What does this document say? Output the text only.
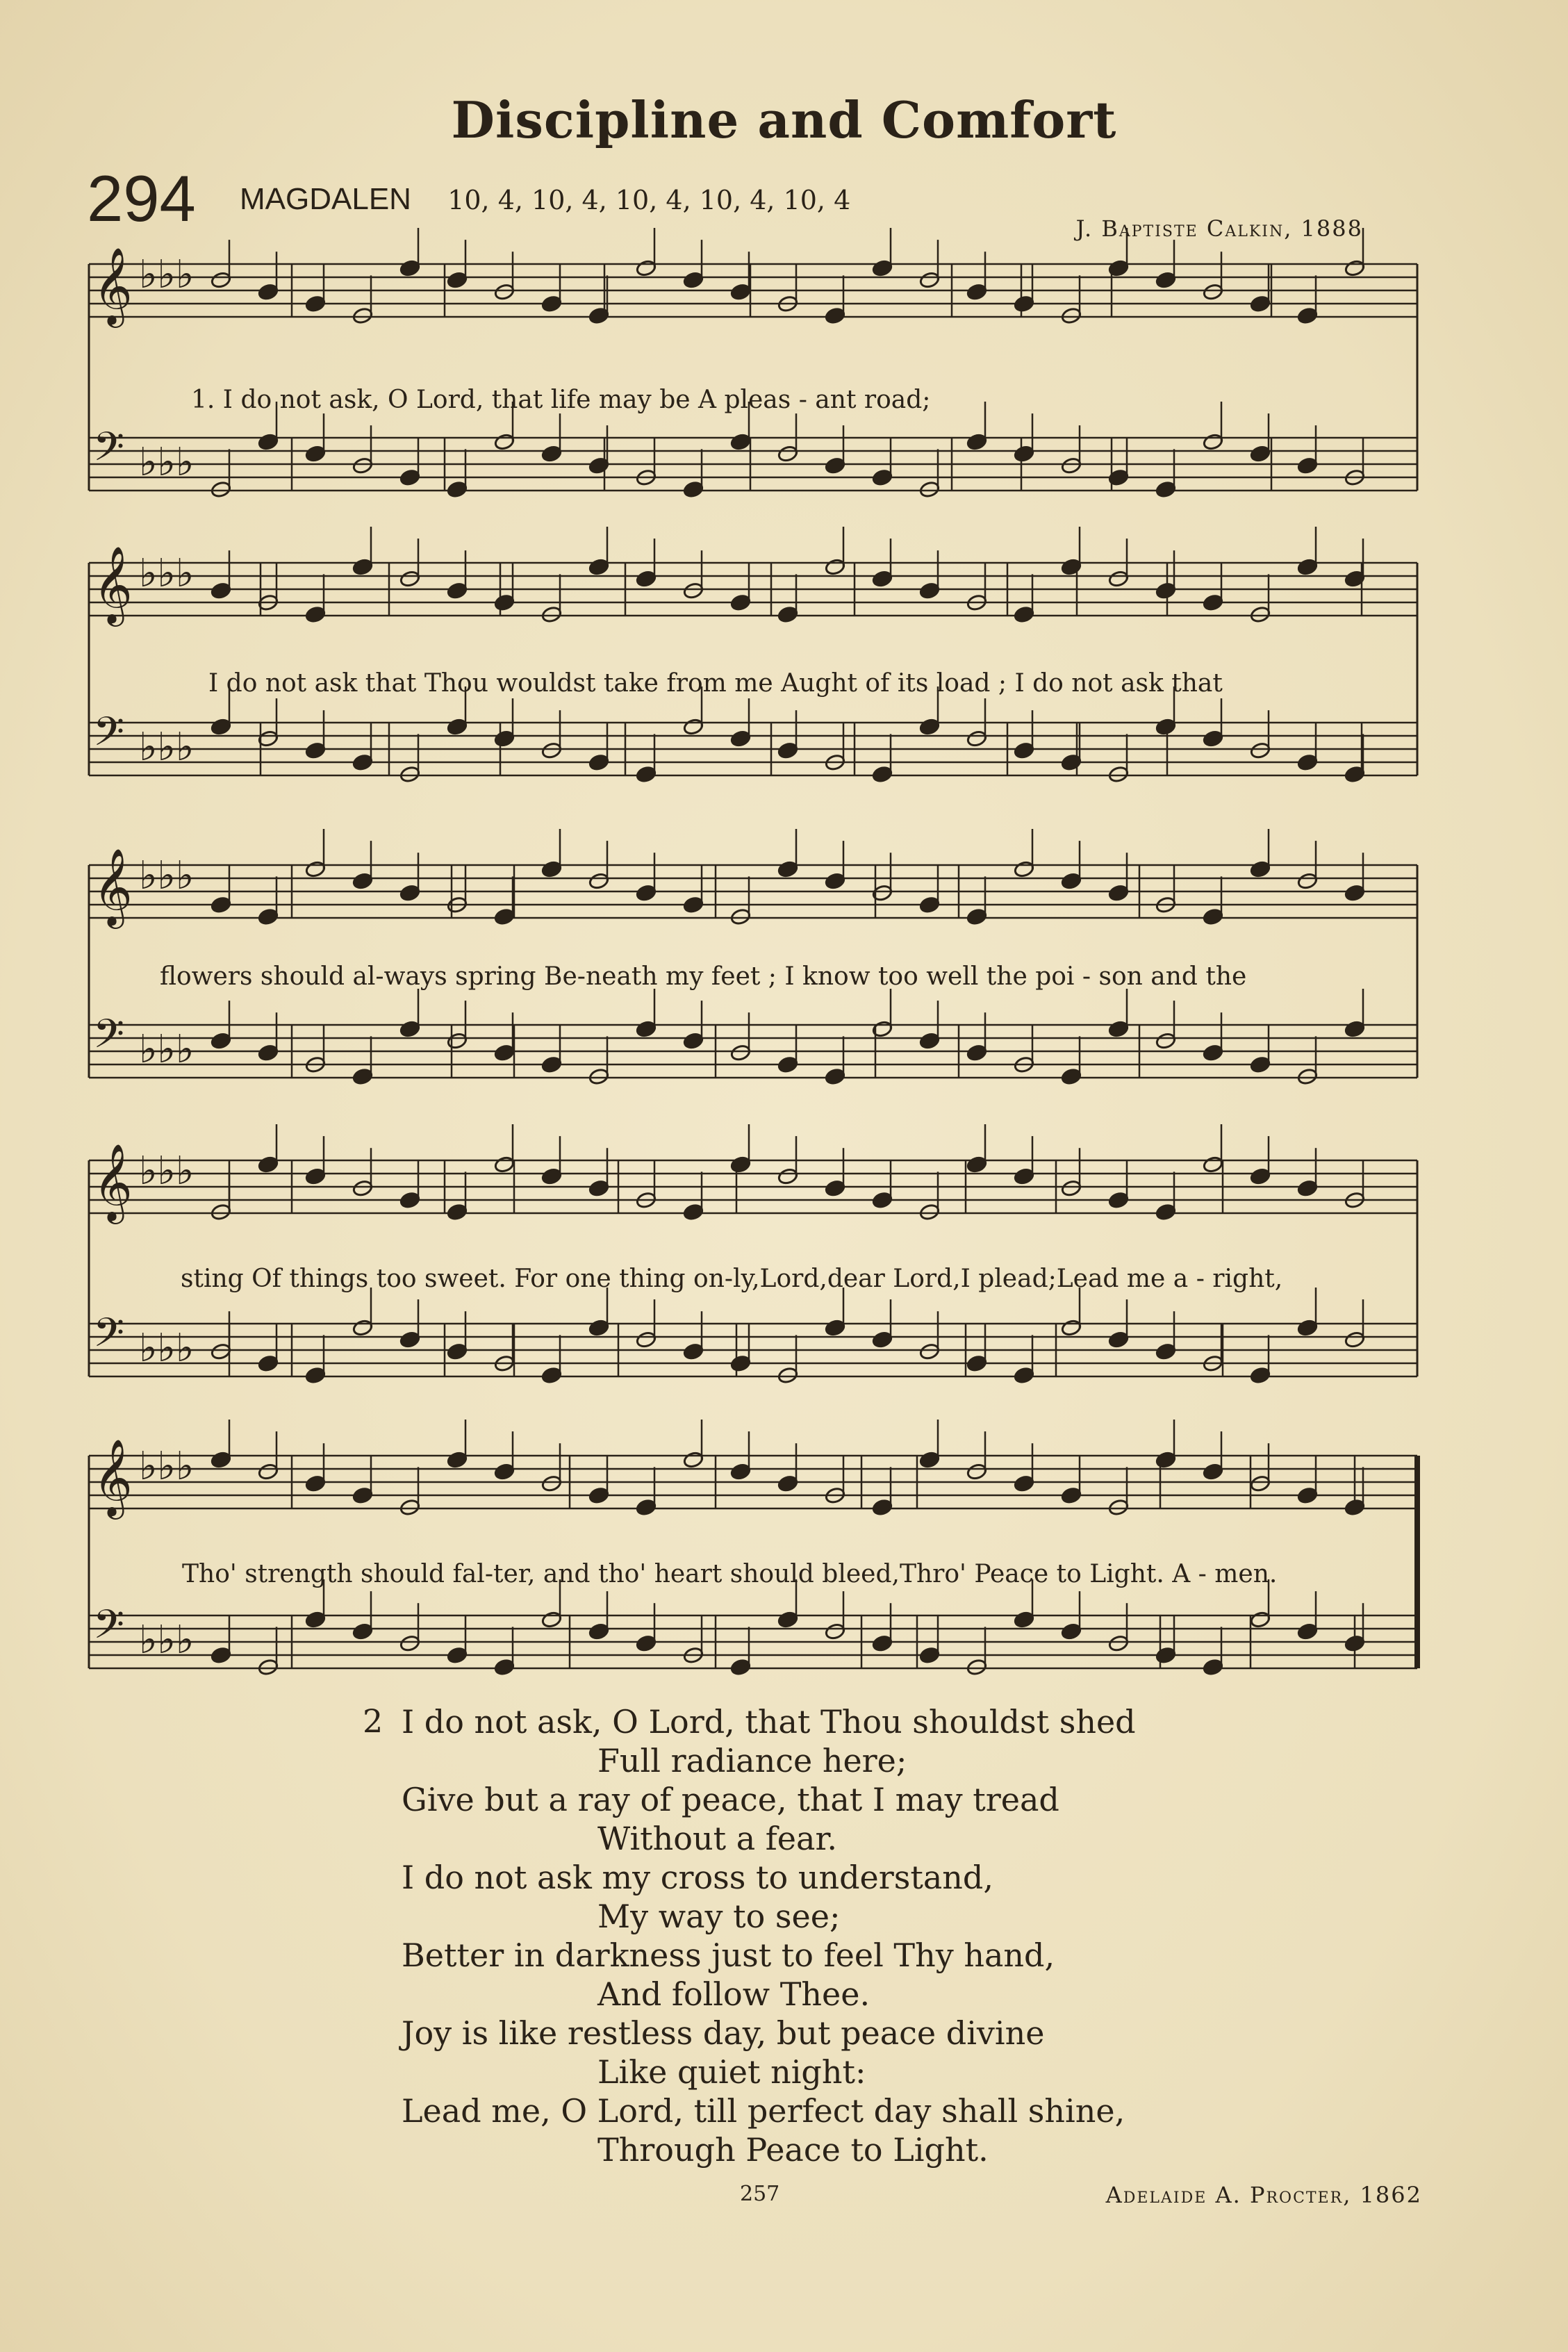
Discipline and Comfort
294 MAGDALEN 10, 4, 10, 4, 10, 4, 10, 4, 10, 4
J. Baptiste Calkin, 1888
𝄞 ♭♭♭
𝄢 ♭♭♭
𝄞 ♭♭♭
𝄢 ♭♭♭
𝄞 ♭♭♭
𝄢 ♭♭♭
𝄞 ♭♭♭
𝄢 ♭♭♭
𝄞 ♭♭♭
𝄢 ♭♭♭
1. I do not ask, O Lord, that life may be A pleas - ant road;
I do not ask that Thou wouldst take from me Aught of its load ; I do not ask that
flowers should al-ways spring Be-neath my feet ; I know too well the poi - son and the
sting Of things too sweet. For one thing on-ly,Lord,dear Lord,I plead;Lead me a - right,
Tho' strength should fal-ter, and tho' heart should bleed,Thro' Peace to Light. A - men.
2 I do not ask, O Lord, that Thou shouldst shed
Full radiance here;
Give but a ray of peace, that I may tread
Without a fear.
I do not ask my cross to understand,
My way to see;
Better in darkness just to feel Thy hand,
And follow Thee.
Joy is like restless day, but peace divine
Like quiet night:
Lead me, O Lord, till perfect day shall shine,
Through Peace to Light.
257	Adelaide A. Procter, 1862
